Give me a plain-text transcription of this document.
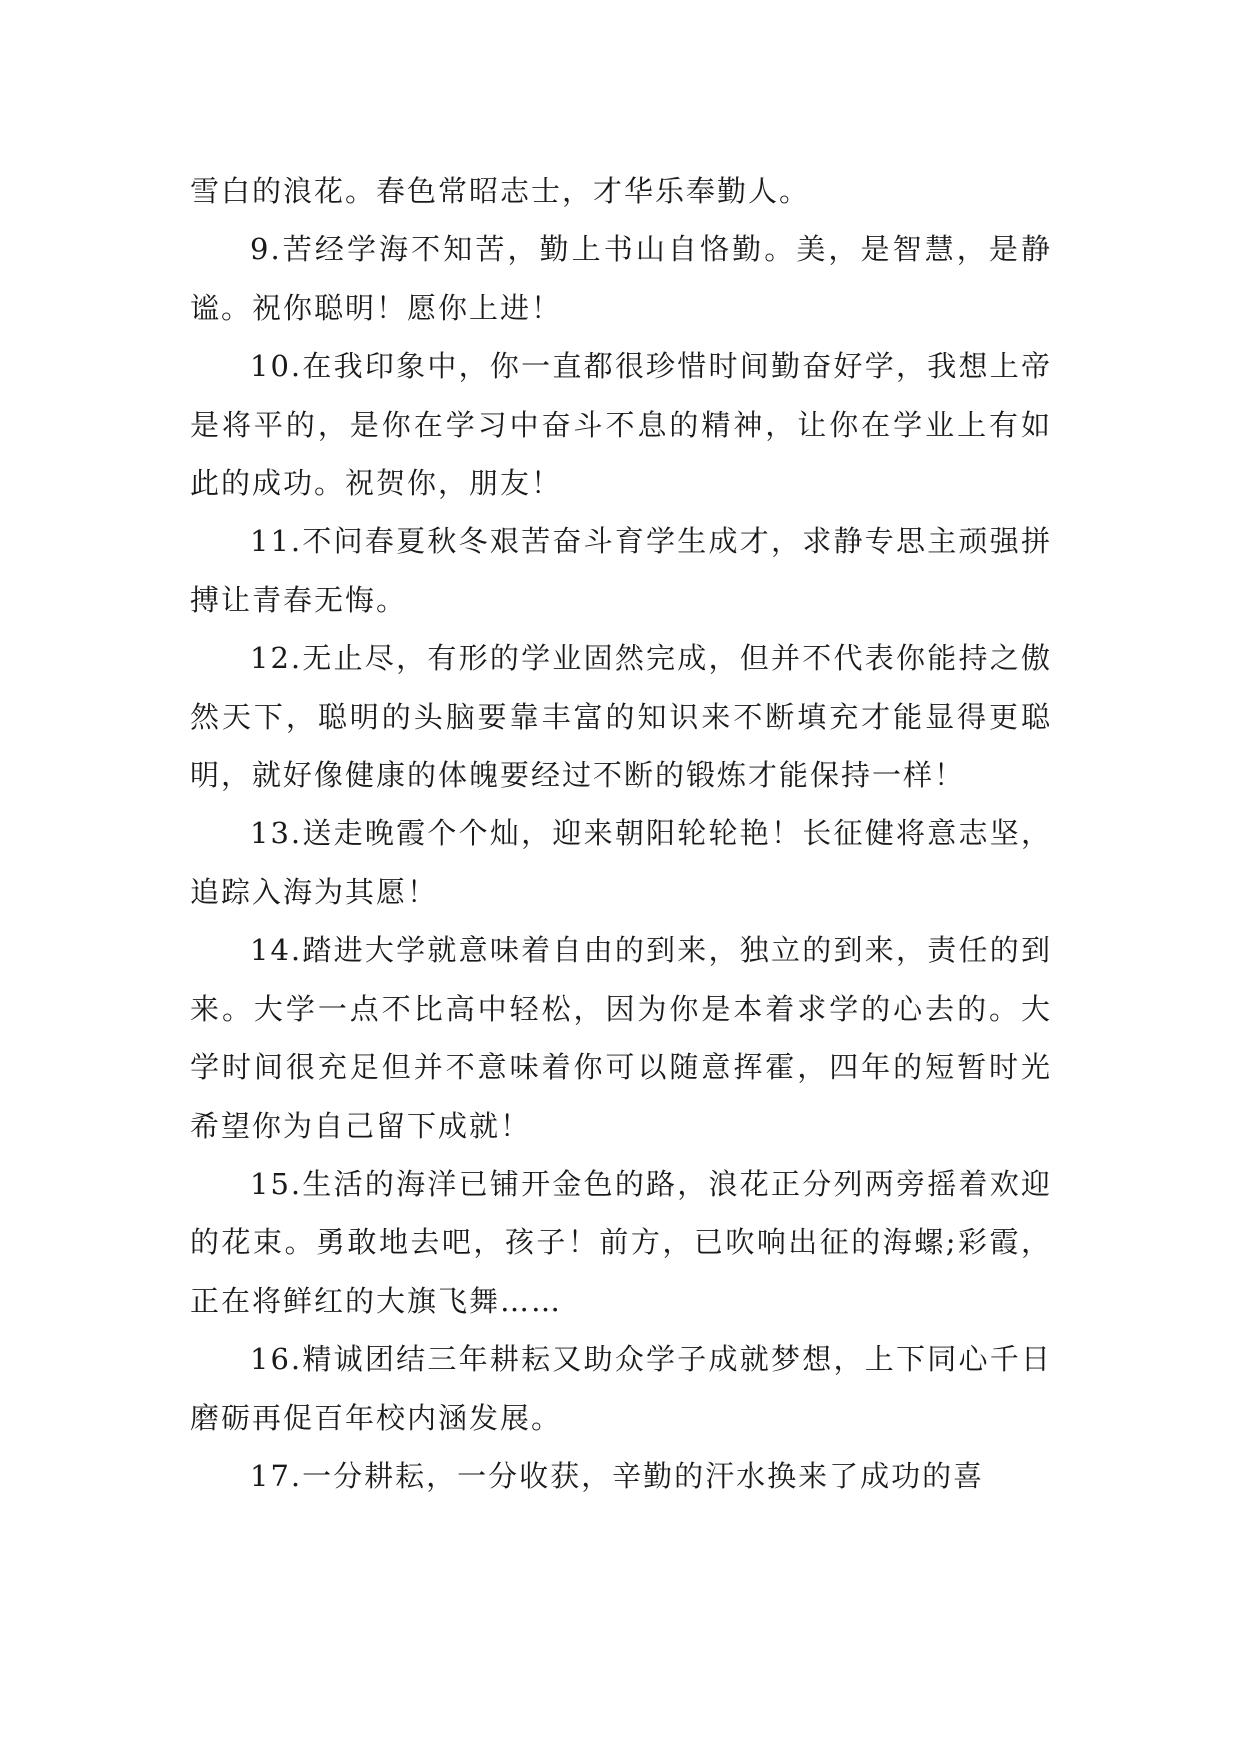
雪白的浪花。春色常昭志士，才华乐奉勤人。

9.苦经学海不知苦，勤上书山自恪勤。美，是智慧，是静谧。祝你聪明！愿你上进！

10.在我印象中，你一直都很珍惜时间勤奋好学，我想上帝是将平的，是你在学习中奋斗不息的精神，让你在学业上有如此的成功。祝贺你，朋友！

11.不问春夏秋冬艰苦奋斗育学生成才，求静专思主顽强拼搏让青春无悔。

12.无止尽，有形的学业固然完成，但并不代表你能持之傲然天下，聪明的头脑要靠丰富的知识来不断填充才能显得更聪明，就好像健康的体魄要经过不断的锻炼才能保持一样！

13.送走晚霞个个灿，迎来朝阳轮轮艳！长征健将意志坚，追踪入海为其愿！

14.踏进大学就意味着自由的到来，独立的到来，责任的到来。大学一点不比高中轻松，因为你是本着求学的心去的。大学时间很充足但并不意味着你可以随意挥霍，四年的短暂时光希望你为自己留下成就！

15.生活的海洋已铺开金色的路，浪花正分列两旁摇着欢迎的花束。勇敢地去吧，孩子！前方，已吹响出征的海螺;彩霞，正在将鲜红的大旗飞舞……

16.精诚团结三年耕耘又助众学子成就梦想，上下同心千日磨砺再促百年校内涵发展。

17.一分耕耘，一分收获，辛勤的汗水换来了成功的喜
